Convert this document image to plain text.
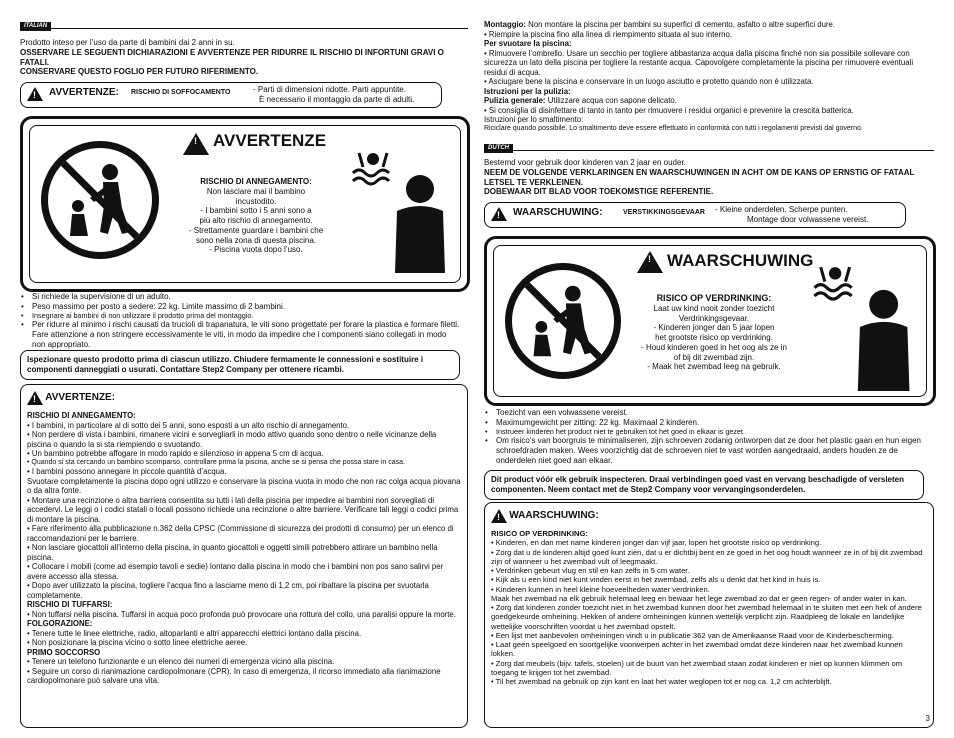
ITALIAN

Prodotto inteso per l’uso da parte di bambini dai 2 anni in su.

OSSERVARE LE SEGUENTI DICHIARAZIONI E AVVERTENZE PER RIDURRE IL RISCHIO DI INFORTUNI GRAVI O FATALI.

CONSERVARE QUESTO FOGLIO PER FUTURO RIFERIMENTO.

!
AVVERTENZE: RISCHIO DI SOFFOCAMENTO	- Parti di dimensioni ridotte. Parti appuntite.
È necessario il montaggio da parte di adulti.
!
AVVERTENZE

RISCHIO DI ANNEGAMENTO:

Non lasciare mai il bambino incustodito.

- I bambini sotto i 5 anni sono a più alto rischio di annegamento.

- Strettamente guardare i bambini che sono nella zona di questa piscina.

- Piscina vuota dopo l’uso.

• Si richiede la supervisione di un adulto.
• Peso massimo per posto a sedere: 22 kg. Limite massimo di 2 bambini.
• Insegnare ai bambini di non utilizzare il prodotto prima del montaggio.
• Per ridurre al minimo i rischi causati da trucioli di trapanatura, le viti sono progettate per forare la plastica e formare filetti. Fare attenzione a non stringere eccessivamente le viti, in modo da impedire che i componenti siano collegati in modo non appropriato.

Ispezionare questo prodotto prima di ciascun utilizzo. Chiudere fermamente le connessioni e sostituire i componenti danneggiati o usurati. Contattare Step2 Company per ottenere ricambi.

! AVVERTENZE:

RISCHIO DI ANNEGAMENTO:

• I bambini, in particolare al di sotto dei 5 anni, sono esposti a un alto rischio di annegamento.

• Non perdere di vista i bambini, rimanere vicini e sorvegliarli in modo attivo quando sono dentro o nelle vicinanze della piscina o quando la si sta riempiendo o svuotando.

• Un bambino potrebbe affogare in modo rapido e silenzioso in appena 5 cm di acqua.

• Quando si sta cercando un bambino scomparso, controllare prima la piscina, anche se si pensa che possa stare in casa.

• I bambini possono annegare in piccole quantità d’acqua.

Svuotare completamente la piscina dopo ogni utilizzo e conservare la piscina vuota in modo che non rac colga acqua piovana o da altra fonte.

• Montare una recinzione o altra barriera consentita su tutti i lati della piscina per impedire ai bambini non sorvegliati di accedervi. Le leggi o i codici statali o locali possono richiede una recinzione o altre barriere. Verificare tali leggi o codici prima di montare la piscina.

• Fare riferimento alla pubblicazione n.362 della CPSC (Commissione di sicurezza dei prodotti di consumo) per un elenco di raccomandazioni per le barriere.

• Non lasciare giocattoli all’interno della piscina, in quanto giocattoli e oggetti simili potrebbero attirare un bambino nella piscina.

• Collocare i mobili (come ad esempio tavoli e sedie) lontano dalla piscina in modo che i bambini non pos sano salirvi per avere accesso alla stessa.

• Dopo aver utilizzato la piscina, togliere l’acqua fino a lasciarne meno di 1,2 cm, poi ribaltare la piscina per svuotarla completamente.

RISCHIO DI TUFFARSI:

• Non tuffarsi nella piscina. Tuffarsi in acqua poco profonda può provocare una rottura del collo, una paralisi oppure la morte.

FOLGORAZIONE:

• Tenere tutte le linee elettriche, radio, altoparlanti e altri apparecchi elettrici lontano dalla piscina.

• Non posizionare la piscina vicino o sotto linee elettriche aeree.

PRIMO SOCCORSO

• Tenere un telefono funzionante e un elenco dei numeri di emergenza vicino alla piscina.

• Seguire un corso di rianimazione cardiopolmonare (CPR). In caso di emergenza, il ricorso immediato alla rianimazione cardiopolmonare può salvare una vita.

Montaggio: Non montare la piscina per bambini su superfici di cemento, asfalto o altre superfici dure.

• Riempire la piscina fino alla linea di riempimento situata al suo interno.

Per svuotare la piscina:

• Rimuovere l’ombrello. Usare un secchio per togliere abbastanza acqua dalla piscina finché non sia possibile sollevare con sicurezza un lato della piscina per togliere la restante acqua. Capovolgere completamente la piscina per rimuovere eventuali residui di acqua.

• Asciugare bene la piscina e conservare in un luogo asciutto e protetto quando non è utilizzata.

Istruzioni per la pulizia:

Pulizia generale: Utilizzare acqua con sapone delicato.

• Si consiglia di disinfettare di tanto in tanto per rimuovere i residui organici e prevenire la crescita batterica.

Istruzioni per lo smaltimento:

Riciclare quando possibile. Lo smaltimento deve essere effettuato in conformità con tutti i regolamenti previsti dal governo.

DUTCH

Bestemd voor gebruik door kinderen van 2 jaar en ouder.

NEEM DE VOLGENDE VERKLARINGEN EN WAARSCHUWINGEN IN ACHT OM DE KANS OP ERNSTIG OF FATAAL LETSEL TE VERKLEINEN.

DOBEWAAR DIT BLAD VOOR TOEKOMSTIGE REFERENTIE.

!
WAARSCHUWING:	VERSTIKKINGSGEVAAR - Kleine onderdelen. Scherpe punten.
Montage door volwassene vereist.
!
WAARSCHUWING

RISICO OP VERDRINKING:

Laat uw kind nooit zonder toezicht Verdrinkingsgevaar.

- Kinderen jonger dan 5 jaar lopen het grootste risico op verdrinking.

- Houd kinderen goed in het oog als ze in of bij dit zwembad zijn.

- Maak het zwembad leeg na gebruik.

• Toezicht van een volwassene vereist.
• Maximumgewicht per zitting: 22 kg. Maximaal 2 kinderen.
• Instrueer kinderen het product niet te gebruiken tot het goed in elkaar is gezet.
• Om risico’s van boorgruis te minimaliseren, zijn schroeven zodanig ontworpen dat ze door het plastic gaan en hun eigen schroefdraden maken. Wees voorzichtig dat de schroeven niet te vast worden aangedraaid, anders houden ze de onderdelen niet goed aan elkaar.

Dit product vóór elk gebruik inspecteren. Draai verbindingen goed vast en vervang beschadigde of versleten componenten. Neem contact met de Step2 Company voor vervangingsonderdelen.

! WAARSCHUWING:

RISICO OP VERDRINKING:

• Kinderen, en dan met name kinderen jonger dan vijf jaar, lopen het grootste risico op verdrinking.

• Zorg dat u de kinderen altijd goed kunt zien, dat u er dichtbij bent en ze goed in het oog houdt wanneer ze in of bij dit zwembad zijn of wanneer u het zwembad vult of leegmaakt.

• Verdrinken gebeurt vlug en stil en kan zelfs in 5 cm water.

• Kijk als u een kind niet kunt vinden eerst in het zwembad, zelfs als u denkt dat het kind in huis is.

• Kinderen kunnen in heel kleine hoeveelheden water verdrinken.

Maak het zwembad na elk gebruik helemaal leeg en bewaar het lege zwembad zo dat er geen regen- of ander water in kan.

• Zorg dat kinderen zonder toezicht niet in het zwembad kunnen door het zwembad helemaal in te sluiten met een hek of andere goedgekeurde omheining. Hekken of andere omheiningen kunnen wettelijk verplicht zijn. Raadpleeg de lokale en landelijke wettelijke voorschriften voordat u het zwembad opstelt.

• Een lijst met aanbevolen omheiningen vindt u in publicatie 362 van de Amerikaanse Raad voor de Kinderbescherming.

• Laat geen speelgoed en soortgelijke voorwerpen achter in het zwembad omdat deze kinderen naar het zwembad kunnen lokken.

• Zorg dat meubels (bijv. tafels, stoelen) uit de buurt van het zwembad staan zodat kinderen er niet op kunnen klimmen om toegang te krijgen tot het zwembad.

• Til het zwembad na gebruik op zijn kant en laat het water weglopen tot er nog ca. 1,2 cm achterblijft.

3
